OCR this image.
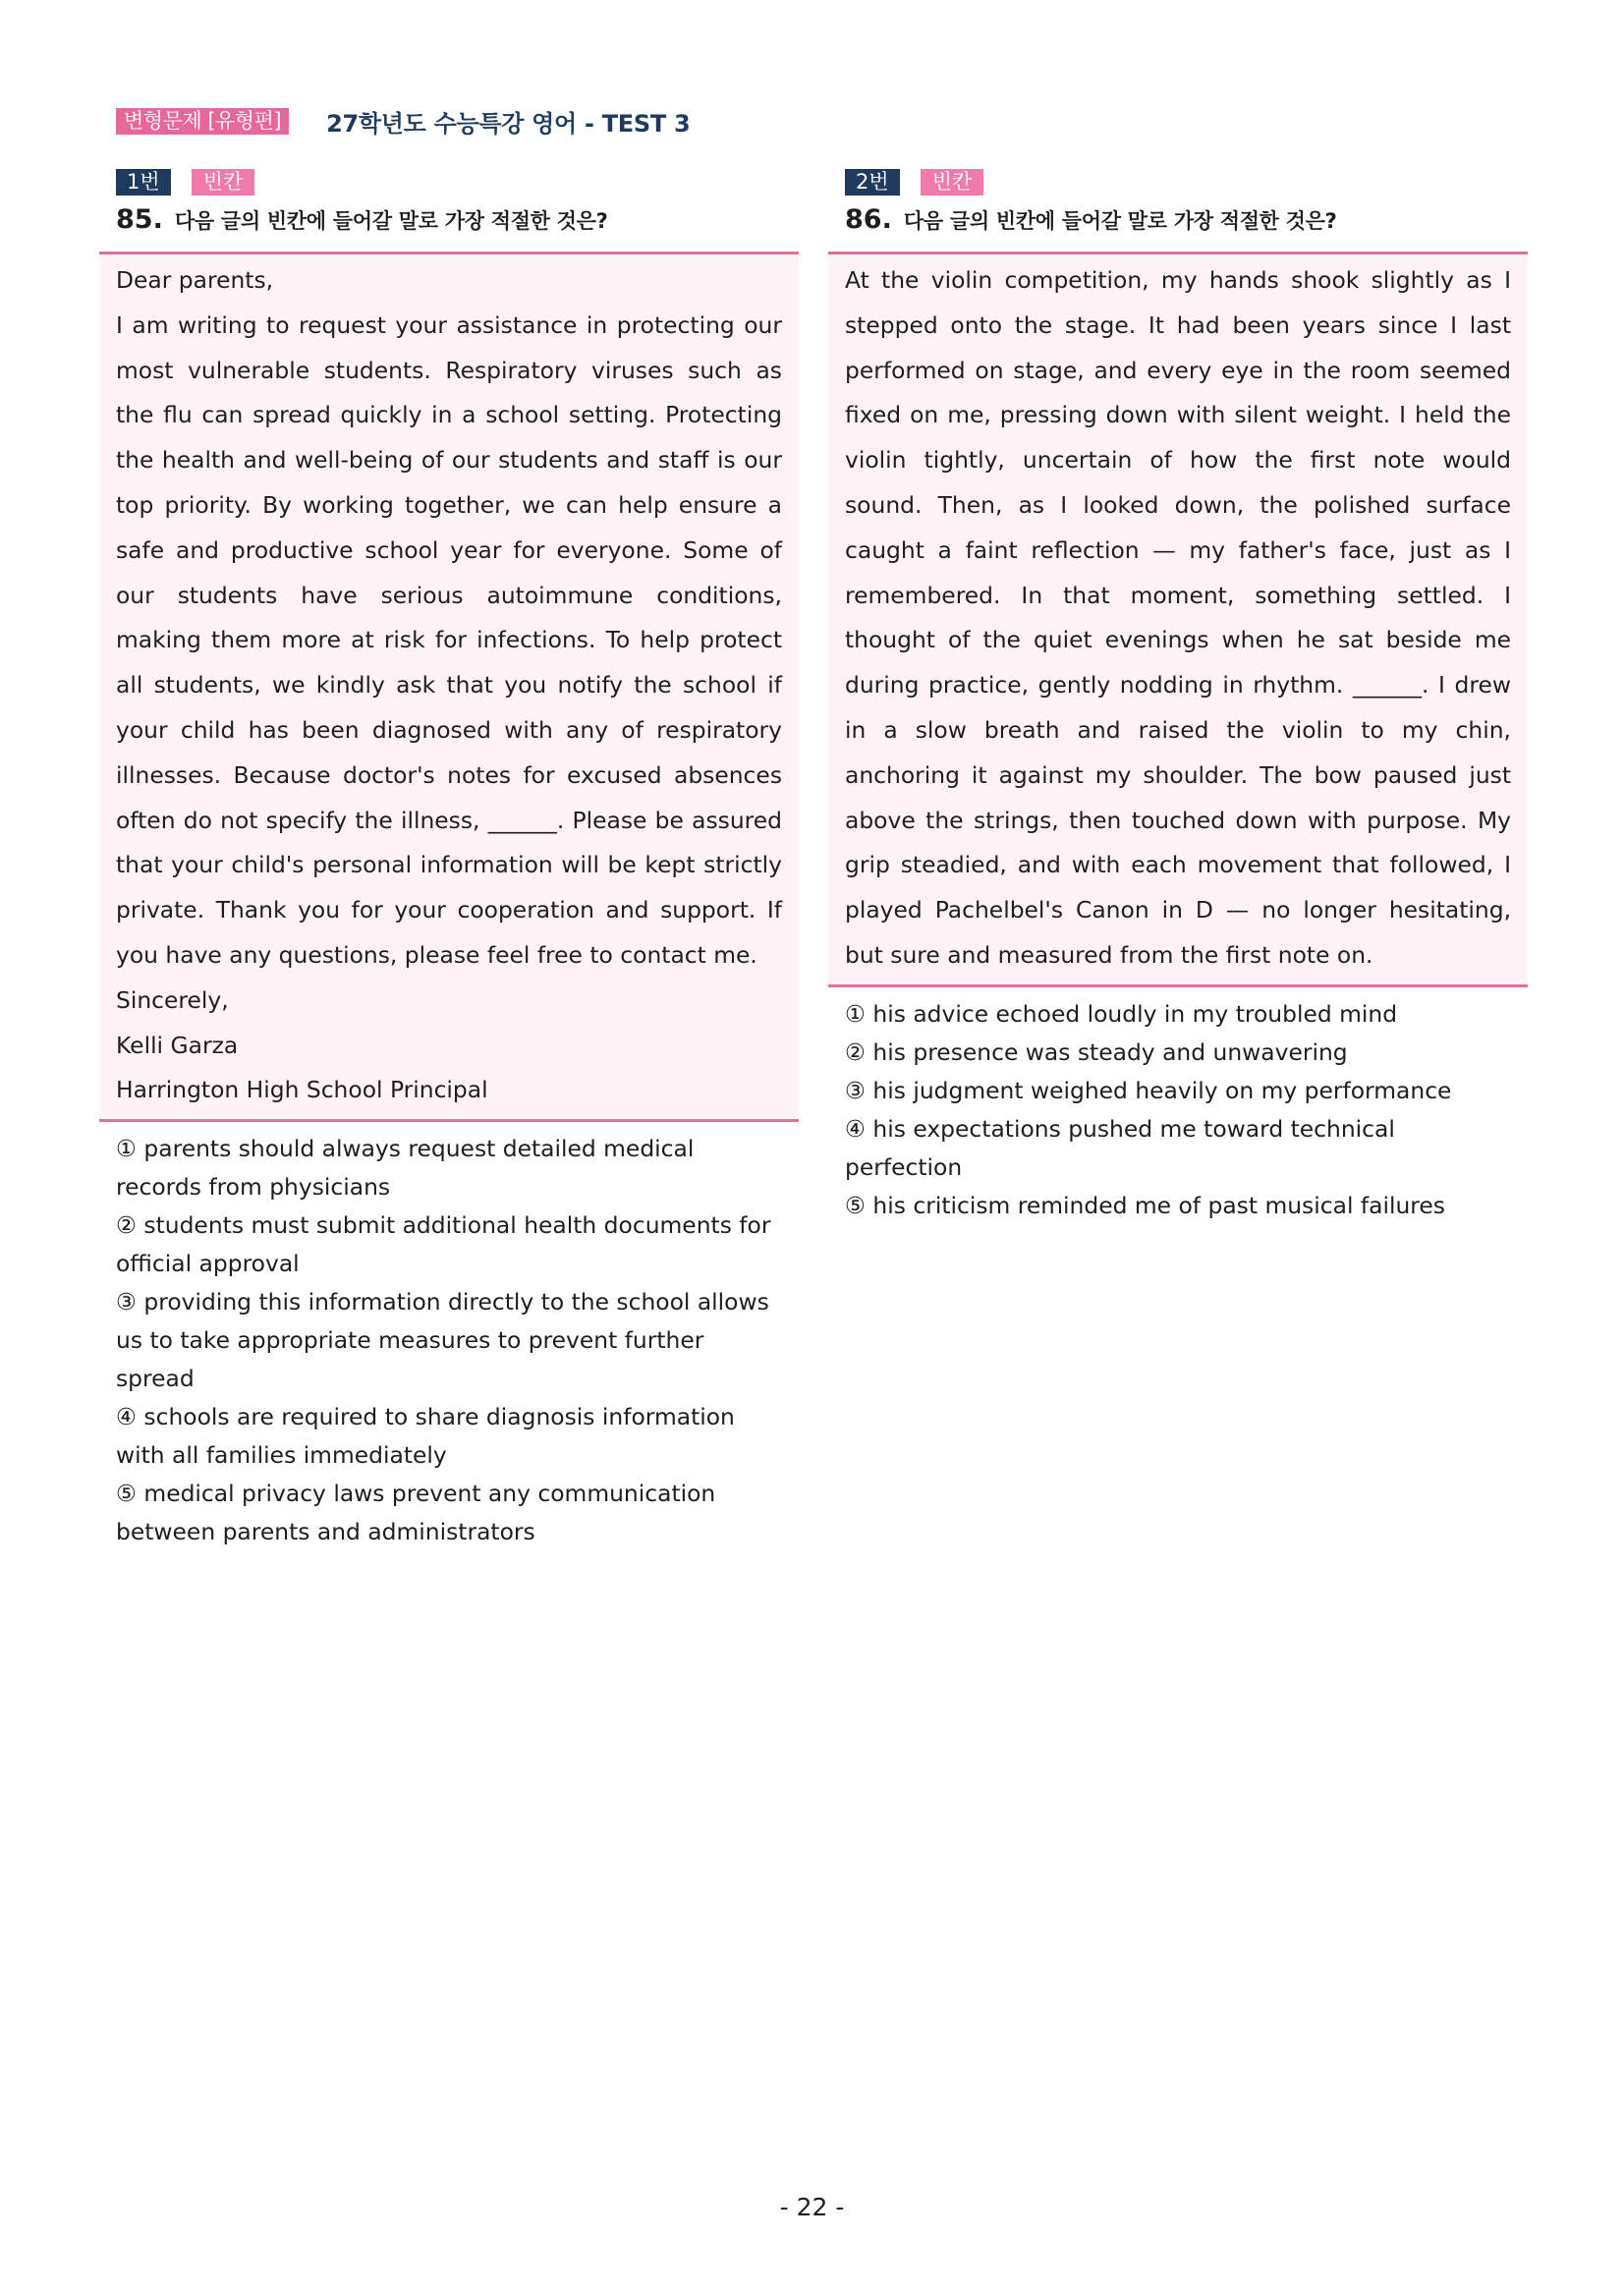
변형문제 [유형편]	27학년도 수능특강 영어 - TEST 3
1번	빈칸
85. 다음 글의 빈칸에 들어갈 말로 가장 적절한 것은?

Dear parents,

I am writing to request your assistance in protecting our most vulnerable students. Respiratory viruses such as the flu can spread quickly in a school setting. Protecting the health and well-being of our students and staff is our top priority. By working together, we can help ensure a safe and productive school year for everyone. Some of our students have serious autoimmune conditions, making them more at risk for infections. To help protect all students, we kindly ask that you notify the school if your child has been diagnosed with any of respiratory illnesses. Because doctor's notes for excused absences often do not specify the illness, ______. Please be assured that your child's personal information will be kept strictly private. Thank you for your cooperation and support. If you have any questions, please feel free to contact me.

Sincerely,

Kelli Garza

Harrington High School Principal

① parents should always request detailed medical records from physicians

② students must submit additional health documents for official approval

③ providing this information directly to the school allows us to take appropriate measures to prevent further spread

④ schools are required to share diagnosis information with all families immediately

⑤ medical privacy laws prevent any communication between parents and administrators

2번	빈칸
86. 다음 글의 빈칸에 들어갈 말로 가장 적절한 것은?

At the violin competition, my hands shook slightly as I stepped onto the stage. It had been years since I last performed on stage, and every eye in the room seemed fixed on me, pressing down with silent weight. I held the violin tightly, uncertain of how the first note would sound. Then, as I looked down, the polished surface caught a faint reflection — my father's face, just as I remembered. In that moment, something settled. I thought of the quiet evenings when he sat beside me during practice, gently nodding in rhythm. ______. I drew in a slow breath and raised the violin to my chin, anchoring it against my shoulder. The bow paused just above the strings, then touched down with purpose. My grip steadied, and with each movement that followed, I played Pachelbel's Canon in D — no longer hesitating, but sure and measured from the first note on.

① his advice echoed loudly in my troubled mind

② his presence was steady and unwavering

③ his judgment weighed heavily on my performance

④ his expectations pushed me toward technical perfection

⑤ his criticism reminded me of past musical failures

- 22 -
